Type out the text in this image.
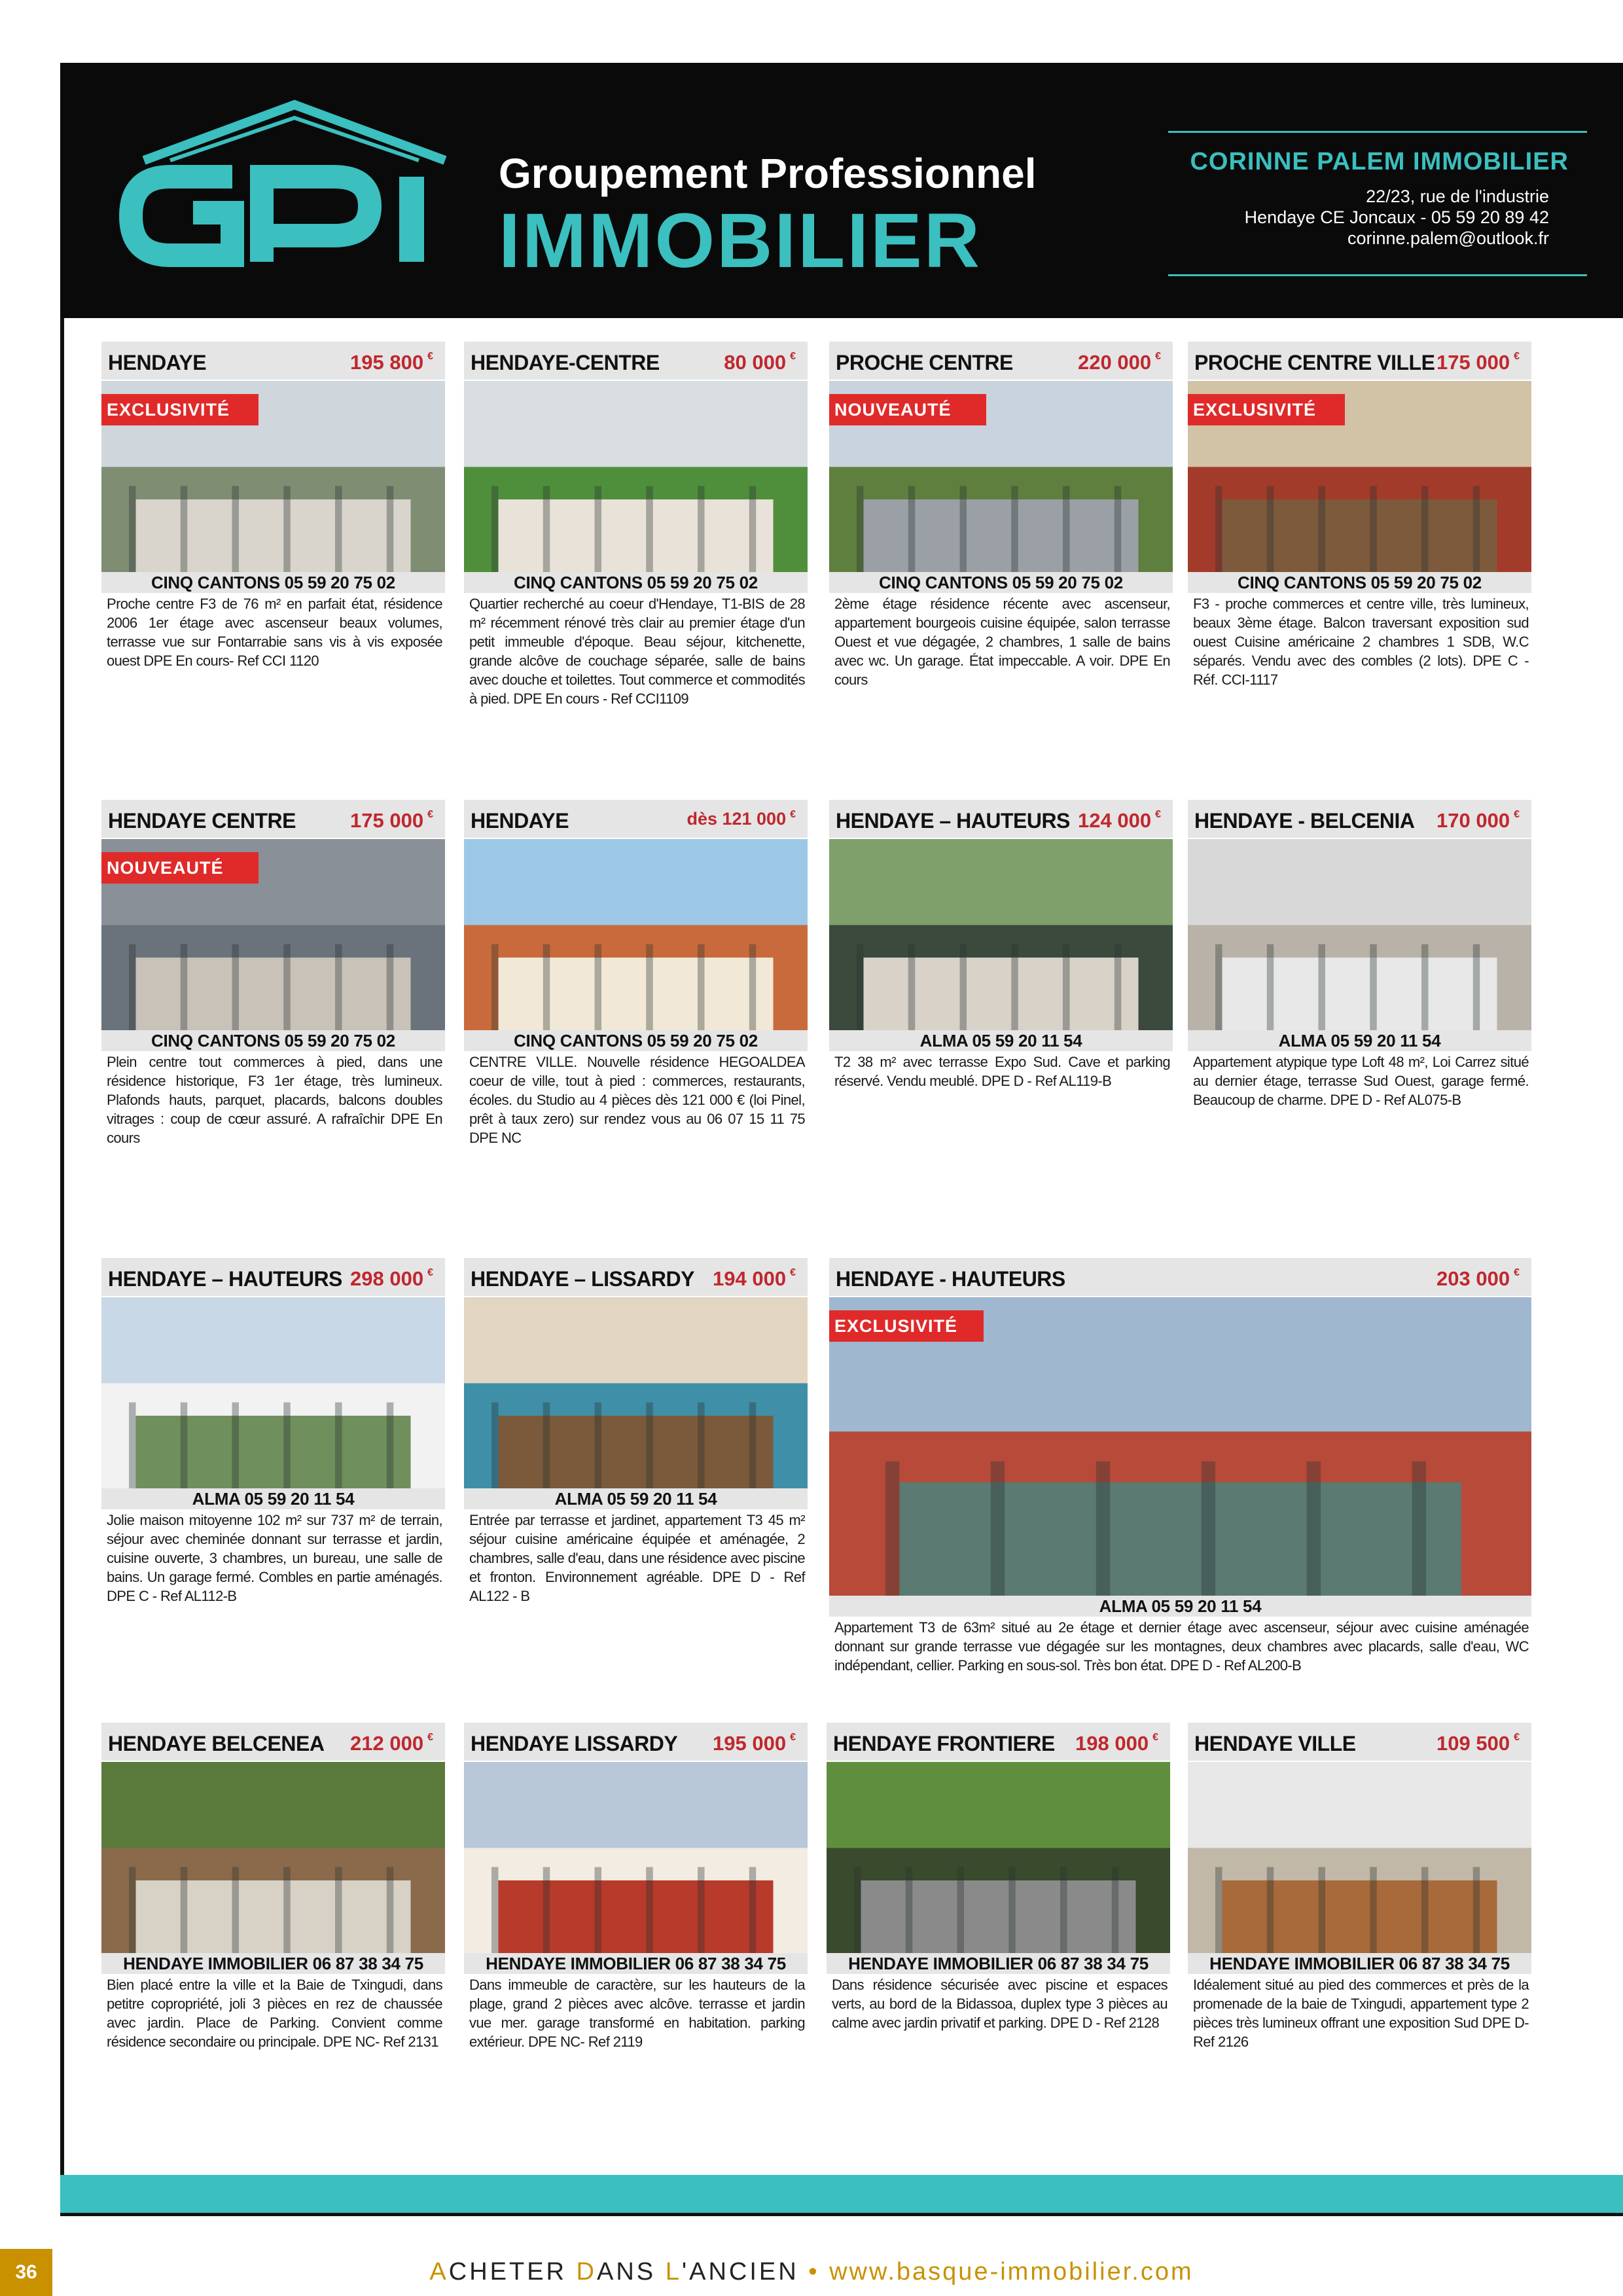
Groupement Professionnel
IMMOBILIER
CORINNE PALEM IMMOBILIER
22/23, rue de l'industrie
Hendaye CE Joncaux - 05 59 20 89 42
corinne.palem@outlook.fr
HENDAYE	195 800 €
EXCLUSIVITÉ
CINQ CANTONS 05 59 20 75 02
Proche centre F3 de 76 m² en parfait état, résidence 2006 1er étage avec ascenseur beaux volumes, terrasse vue sur Fontarrabie sans vis à vis exposée ouest DPE En cours- Ref CCI 1120
HENDAYE-CENTRE	80 000 €
CINQ CANTONS 05 59 20 75 02
Quartier recherché au coeur d'Hendaye, T1-BIS de 28 m² récemment rénové très clair au premier étage d'un petit immeuble d'époque. Beau séjour, kitchenette, grande alcôve de couchage séparée, salle de bains avec douche et toilettes. Tout commerce et commodités à pied. DPE En cours - Ref CCI1109
PROCHE CENTRE	220 000 €
NOUVEAUTÉ
CINQ CANTONS 05 59 20 75 02
2ème étage résidence récente avec ascenseur, appartement bourgeois cuisine équipée, salon terrasse Ouest et vue dégagée, 2 chambres, 1 salle de bains avec wc. Un garage. État impeccable. A voir. DPE En cours
PROCHE CENTRE VILLE 175 000 €
EXCLUSIVITÉ
CINQ CANTONS 05 59 20 75 02
F3 - proche commerces et centre ville, très lumineux, beaux 3ème étage. Balcon traversant exposition sud ouest Cuisine américaine 2 chambres 1 SDB, W.C séparés. Vendu avec des combles (2 lots). DPE C - Réf. CCI-1117
HENDAYE CENTRE	175 000 €
NOUVEAUTÉ
CINQ CANTONS 05 59 20 75 02
Plein centre tout commerces à pied, dans une résidence historique, F3 1er étage, très lumineux. Plafonds hauts, parquet, placards, balcons doubles vitrages : coup de cœur assuré. A rafraîchir DPE En cours
HENDAYE	dès 121 000 €
CINQ CANTONS 05 59 20 75 02
CENTRE VILLE. Nouvelle résidence HEGOALDEA coeur de ville, tout à pied : commerces, restaurants, écoles. du Studio au 4 pièces dès 121 000 € (loi Pinel, prêt à taux zero) sur rendez vous au 06 07 15 11 75 DPE NC
HENDAYE – HAUTEURS 124 000 €
ALMA 05 59 20 11 54
T2 38 m² avec terrasse Expo Sud. Cave et parking réservé. Vendu meublé. DPE D - Ref AL119-B
HENDAYE - BELCENIA 170 000 €
ALMA 05 59 20 11 54
Appartement atypique type Loft 48 m², Loi Carrez situé au dernier étage, terrasse Sud Ouest, garage fermé. Beaucoup de charme. DPE D - Ref AL075-B
HENDAYE – HAUTEURS 298 000 €
ALMA 05 59 20 11 54
Jolie maison mitoyenne 102 m² sur 737 m² de terrain, séjour avec cheminée donnant sur terrasse et jardin, cuisine ouverte, 3 chambres, un bureau, une salle de bains. Un garage fermé. Combles en partie aménagés. DPE C - Ref AL112-B
HENDAYE – LISSARDY 194 000 €
ALMA 05 59 20 11 54
Entrée par terrasse et jardinet, appartement T3 45 m² séjour cuisine américaine équipée et aménagée, 2 chambres, salle d'eau, dans une résidence avec piscine et fronton. Environnement agréable. DPE D - Ref AL122 - B
HENDAYE - HAUTEURS	203 000 €
EXCLUSIVITÉ
ALMA 05 59 20 11 54
Appartement T3 de 63m² situé au 2e étage et dernier étage avec ascenseur, séjour avec cuisine aménagée donnant sur grande terrasse vue dégagée sur les montagnes, deux chambres avec placards, salle d'eau, WC indépendant, cellier. Parking en sous-sol. Très bon état. DPE D - Ref AL200-B
HENDAYE BELCENEA 212 000 €
HENDAYE IMMOBILIER 06 87 38 34 75
Bien placé entre la ville et la Baie de Txingudi, dans petitre copropriété, joli 3 pièces en rez de chaussée avec jardin. Place de Parking. Convient comme résidence secondaire ou principale. DPE NC- Ref 2131
HENDAYE LISSARDY 195 000 €
HENDAYE IMMOBILIER 06 87 38 34 75
Dans immeuble de caractère, sur les hauteurs de la plage, grand 2 pièces avec alcôve. terrasse et jardin vue mer. garage transformé en habitation. parking extérieur. DPE NC- Ref 2119
HENDAYE FRONTIERE 198 000 €
HENDAYE IMMOBILIER 06 87 38 34 75
Dans résidence sécurisée avec piscine et espaces verts, au bord de la Bidassoa, duplex type 3 pièces au calme avec jardin privatif et parking. DPE D - Ref 2128
HENDAYE VILLE	109 500 €
HENDAYE IMMOBILIER 06 87 38 34 75
Idéalement situé au pied des commerces et près de la promenade de la baie de Txingudi, appartement type 2 pièces très lumineux offrant une exposition Sud DPE D- Ref 2126
36	ACHETER DANS L'ANCIEN • www.basque-immobilier.com
